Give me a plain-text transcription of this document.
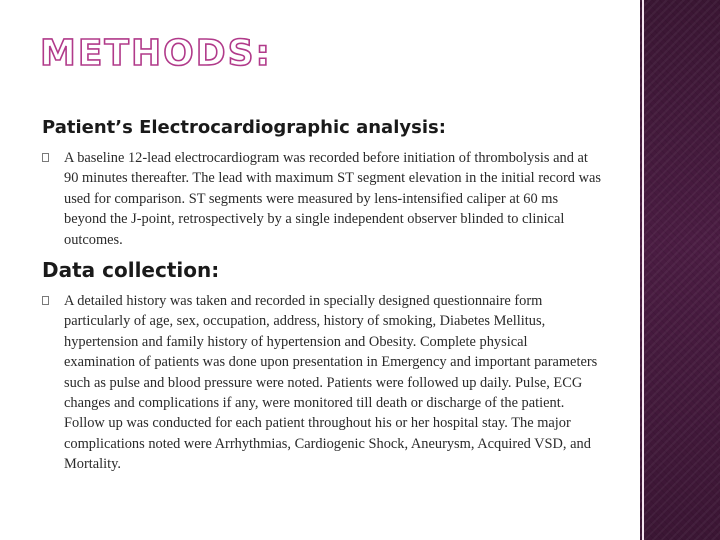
METHODS:
Patient’s Electrocardiographic analysis:

A baseline 12-lead electrocardiogram was recorded before initiation of thrombolysis and at 90 minutes thereafter. The lead with maximum ST segment elevation in the initial record was used for comparison. ST segments were measured by lens-intensified caliper at 60 ms beyond the J-point, retrospectively by a single independent observer blinded to clinical outcomes.

Data collection:

A detailed history was taken and recorded in specially designed questionnaire form particularly of age, sex, occupation, address, history of smoking, Diabetes Mellitus, hypertension and family history of hypertension and Obesity. Complete physical examination of patients was done upon presentation in Emergency and important parameters such as pulse and blood pressure were noted. Patients were followed up daily. Pulse, ECG changes and complications if any, were monitored till death or discharge of the patient. Follow up was conducted for each patient throughout his or her hospital stay. The major complications noted were Arrhythmias, Cardiogenic Shock, Aneurysm, Acquired VSD, and Mortality.
